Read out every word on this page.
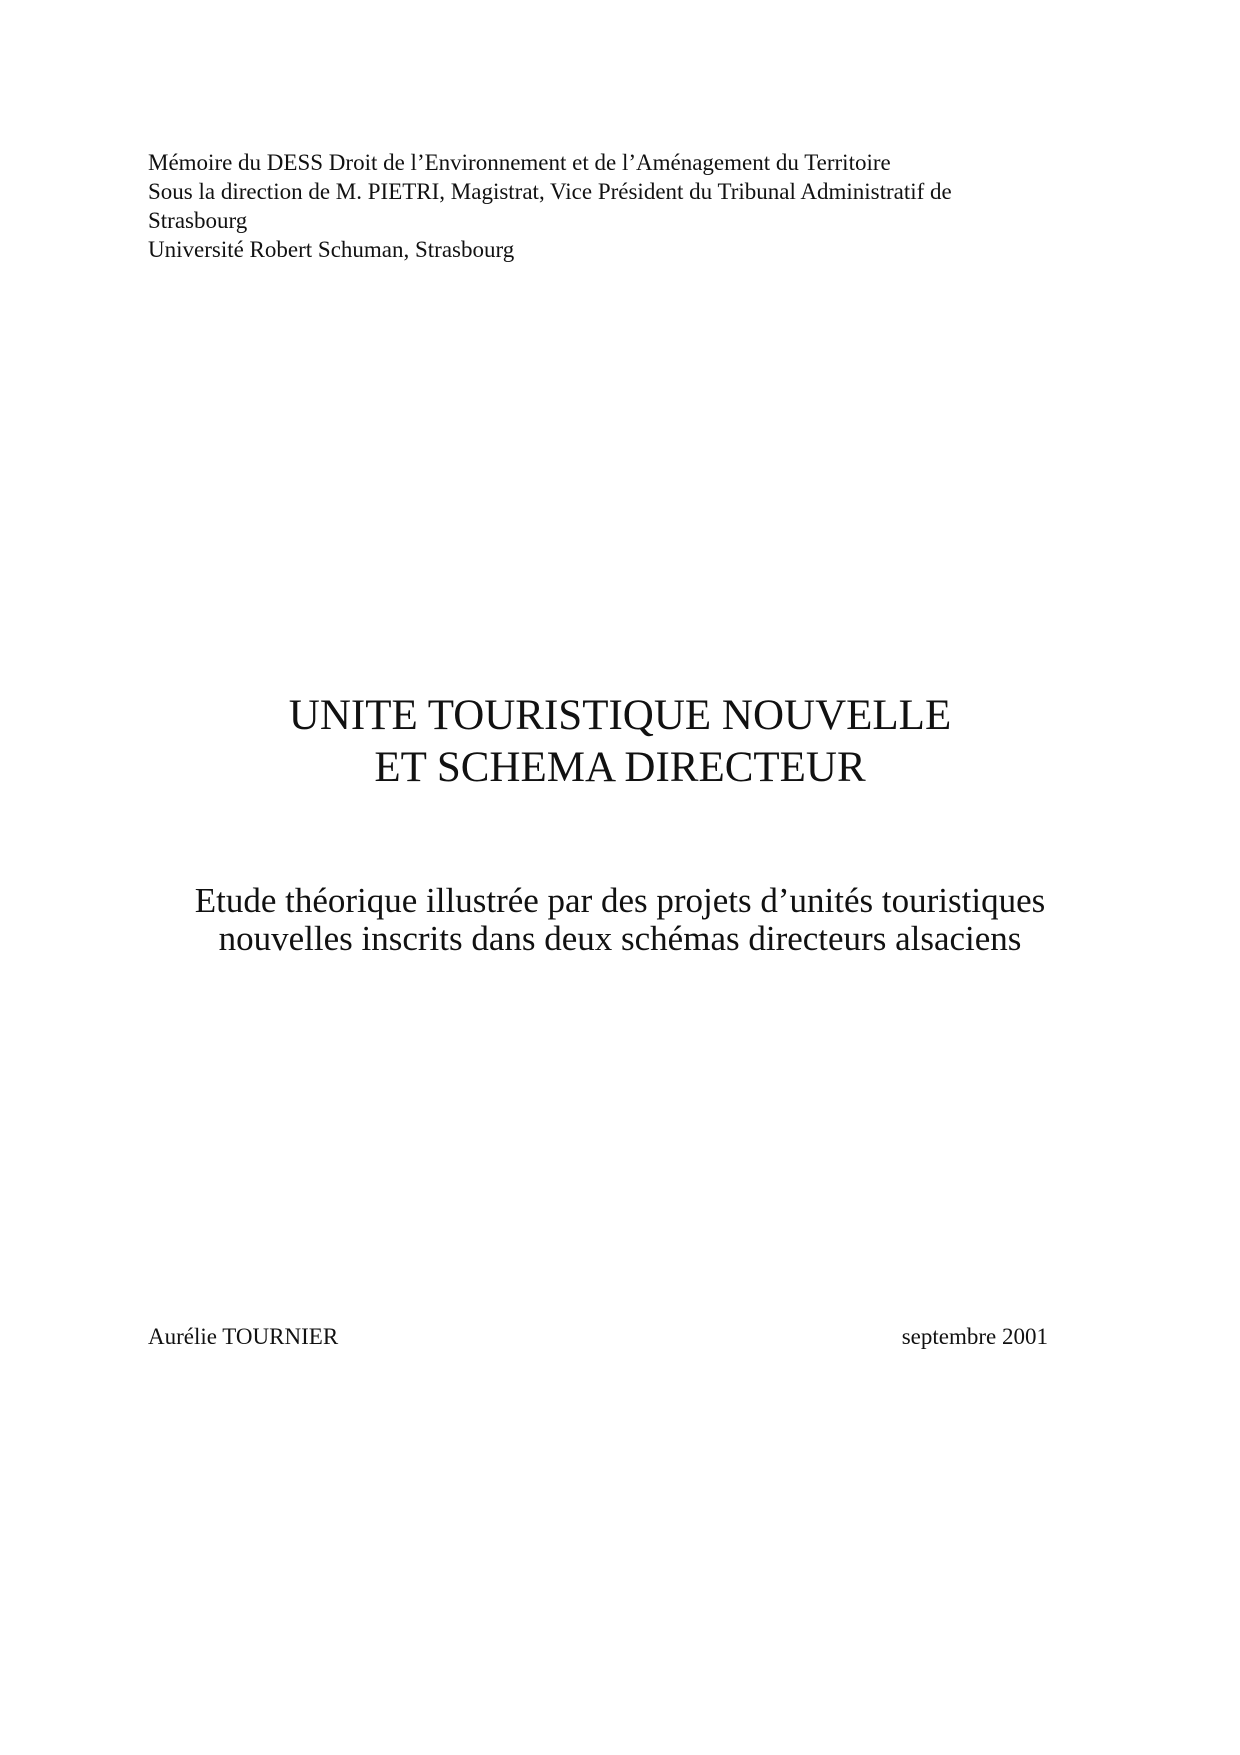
Mémoire du DESS Droit de l’Environnement et de l’Aménagement du Territoire
Sous la direction de M. PIETRI, Magistrat, Vice Président du Tribunal Administratif de
Strasbourg
Université Robert Schuman, Strasbourg
UNITE TOURISTIQUE NOUVELLE
ET SCHEMA DIRECTEUR
Etude théorique illustrée par des projets d’unités touristiques
nouvelles inscrits dans deux schémas directeurs alsaciens
Aurélie TOURNIER	septembre 2001
